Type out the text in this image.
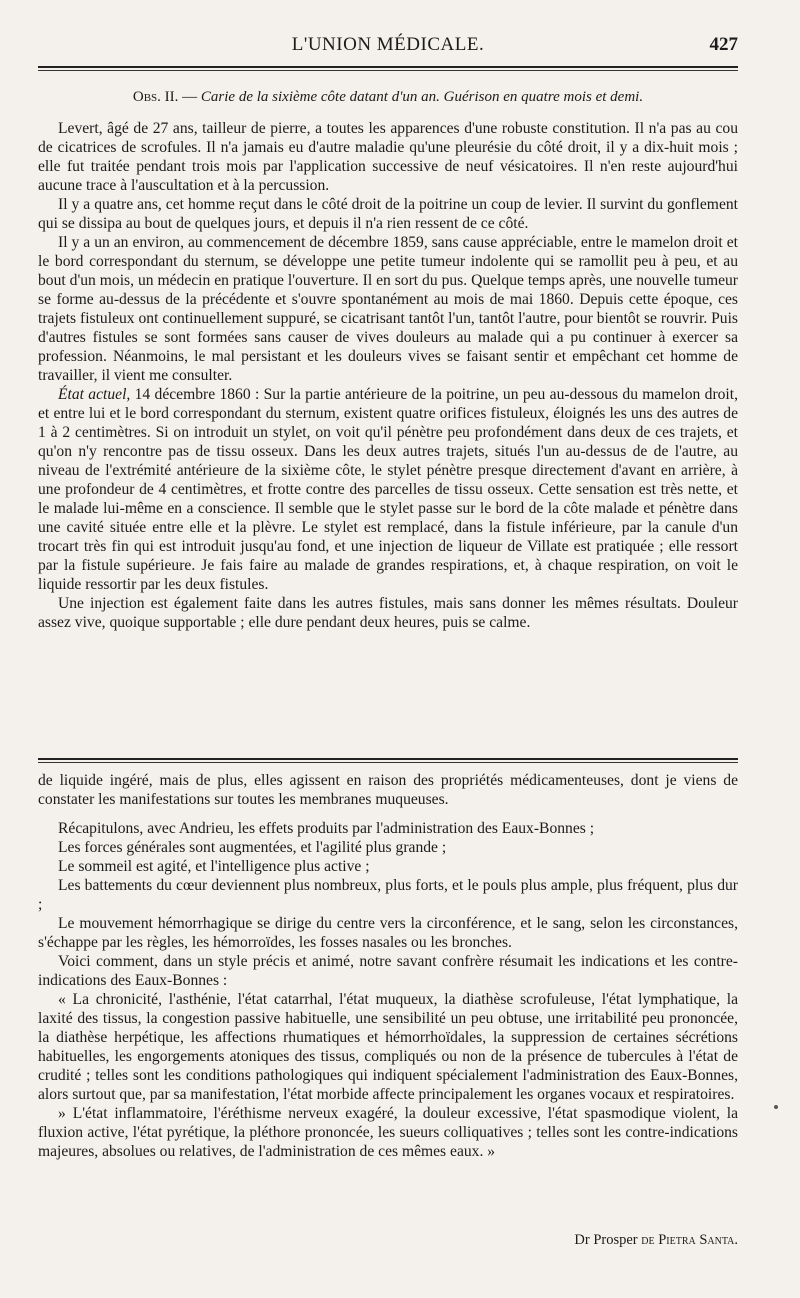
L'UNION MÉDICALE.	427
Obs. II. — Carie de la sixième côte datant d'un an. Guérison en quatre mois et demi.

Levert, âgé de 27 ans, tailleur de pierre, a toutes les apparences d'une robuste constitution. Il n'a pas au cou de cicatrices de scrofules. Il n'a jamais eu d'autre maladie qu'une pleurésie du côté droit, il y a dix-huit mois ; elle fut traitée pendant trois mois par l'application successive de neuf vésicatoires. Il n'en reste aujourd'hui aucune trace à l'auscultation et à la percussion.

Il y a quatre ans, cet homme reçut dans le côté droit de la poitrine un coup de levier. Il survint du gonflement qui se dissipa au bout de quelques jours, et depuis il n'a rien ressent de ce côté.

Il y a un an environ, au commencement de décembre 1859, sans cause appréciable, entre le mamelon droit et le bord correspondant du sternum, se développe une petite tumeur indolente qui se ramollit peu à peu, et au bout d'un mois, un médecin en pratique l'ouverture. Il en sort du pus. Quelque temps après, une nouvelle tumeur se forme au-dessus de la précédente et s'ouvre spontanément au mois de mai 1860. Depuis cette époque, ces trajets fistuleux ont continuellement suppuré, se cicatrisant tantôt l'un, tantôt l'autre, pour bientôt se rouvrir. Puis d'autres fistules se sont formées sans causer de vives douleurs au malade qui a pu continuer à exercer sa profession. Néanmoins, le mal persistant et les douleurs vives se faisant sentir et empêchant cet homme de travailler, il vient me consulter.

État actuel, 14 décembre 1860 : Sur la partie antérieure de la poitrine, un peu au-dessous du mamelon droit, et entre lui et le bord correspondant du sternum, existent quatre orifices fistuleux, éloignés les uns des autres de 1 à 2 centimètres. Si on introduit un stylet, on voit qu'il pénètre peu profondément dans deux de ces trajets, et qu'on n'y rencontre pas de tissu osseux. Dans les deux autres trajets, situés l'un au-dessus de de l'autre, au niveau de l'extrémité antérieure de la sixième côte, le stylet pénètre presque directement d'avant en arrière, à une profondeur de 4 centimètres, et frotte contre des parcelles de tissu osseux. Cette sensation est très nette, et le malade lui-même en a conscience. Il semble que le stylet passe sur le bord de la côte malade et pénètre dans une cavité située entre elle et la plèvre. Le stylet est remplacé, dans la fistule inférieure, par la canule d'un trocart très fin qui est introduit jusqu'au fond, et une injection de liqueur de Villate est pratiquée ; elle ressort par la fistule supérieure. Je fais faire au malade de grandes respirations, et, à chaque respiration, on voit le liquide ressortir par les deux fistules.

Une injection est également faite dans les autres fistules, mais sans donner les mêmes résultats. Douleur assez vive, quoique supportable ; elle dure pendant deux heures, puis se calme.

de liquide ingéré, mais de plus, elles agissent en raison des propriétés médicamenteuses, dont je viens de constater les manifestations sur toutes les membranes muqueuses.

Récapitulons, avec Andrieu, les effets produits par l'administration des Eaux-Bonnes ;

Les forces générales sont augmentées, et l'agilité plus grande ;

Le sommeil est agité, et l'intelligence plus active ;

Les battements du cœur deviennent plus nombreux, plus forts, et le pouls plus ample, plus fréquent, plus dur ;

Le mouvement hémorrhagique se dirige du centre vers la circonférence, et le sang, selon les circonstances, s'échappe par les règles, les hémorroïdes, les fosses nasales ou les bronches.

Voici comment, dans un style précis et animé, notre savant confrère résumait les indications et les contre-indications des Eaux-Bonnes :

« La chronicité, l'asthénie, l'état catarrhal, l'état muqueux, la diathèse scrofuleuse, l'état lymphatique, la laxité des tissus, la congestion passive habituelle, une sensibilité un peu obtuse, une irritabilité peu prononcée, la diathèse herpétique, les affections rhumatiques et hémorrhoïdales, la suppression de certaines sécrétions habituelles, les engorgements atoniques des tissus, compliqués ou non de la présence de tubercules à l'état de crudité ; telles sont les conditions pathologiques qui indiquent spécialement l'administration des Eaux-Bonnes, alors surtout que, par sa manifestation, l'état morbide affecte principalement les organes vocaux et respiratoires.

» L'état inflammatoire, l'éréthisme nerveux exagéré, la douleur excessive, l'état spasmodique violent, la fluxion active, l'état pyrétique, la pléthore prononcée, les sueurs colliquatives ; telles sont les contre-indications majeures, absolues ou relatives, de l'administration de ces mêmes eaux. »

Dr Prosper de Pietra Santa.
